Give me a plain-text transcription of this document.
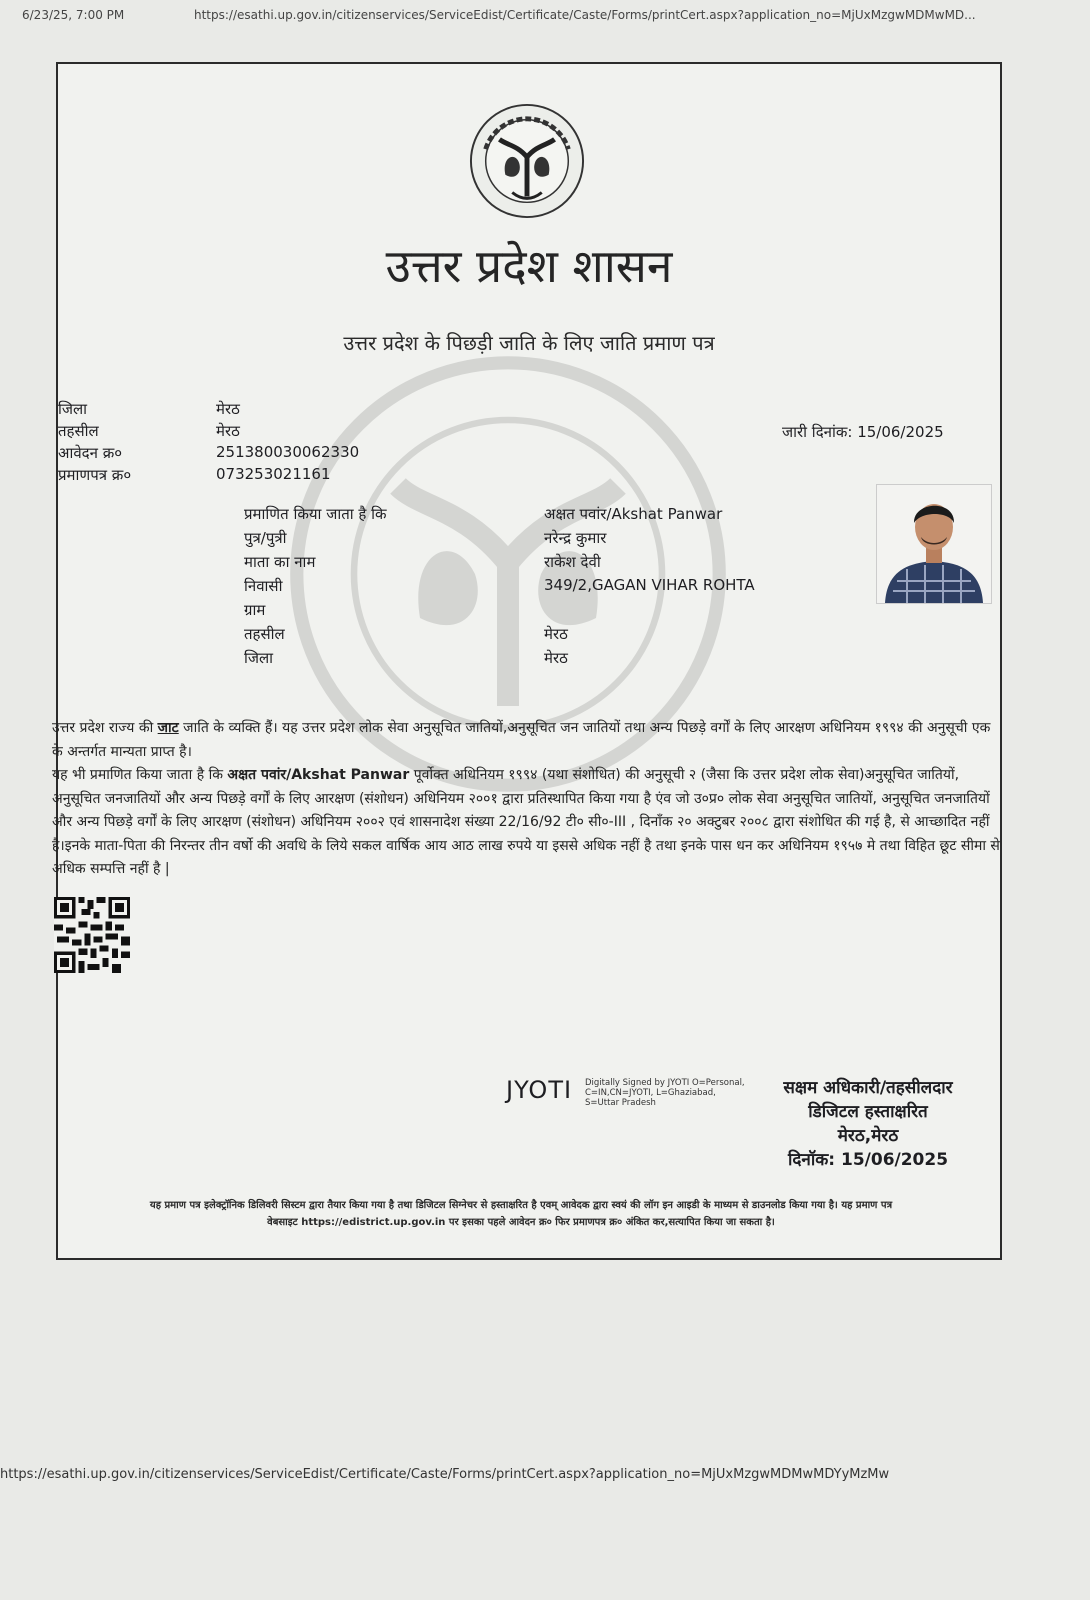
6/23/25, 7:00 PM	https://esathi.up.gov.in/citizenservices/ServiceEdist/Certificate/Caste/Forms/printCert.aspx?application_no=MjUxMzgwMDMwMD...
उत्तर प्रदेश शासन
उत्तर प्रदेश के पिछड़ी जाति के लिए जाति प्रमाण पत्र
जिला	मेरठ
तहसील	मेरठ
आवेदन क्र०	251380030062330
प्रमाणपत्र क्र०	073253021161
जारी दिनांक: 15/06/2025
प्रमाणित किया जाता है कि	अक्षत पवांर/Akshat Panwar
पुत्र/पुत्री	नरेन्द्र कुमार
माता का नाम	राकेश देवी
निवासी	349/2,GAGAN VIHAR ROHTA
ग्राम
तहसील	मेरठ
जिला	मेरठ
उत्तर प्रदेश राज्य की जाट जाति के व्यक्ति हैं। यह उत्तर प्रदेश लोक सेवा अनुसूचित जातियों,अनुसूचित जन जातियों तथा अन्य पिछड़े वर्गों के लिए आरक्षण अधिनियम १९९४ की अनुसूची एक के अन्तर्गत मान्यता प्राप्त है।
यह भी प्रमाणित किया जाता है कि अक्षत पवांर/Akshat Panwar पूर्वोक्त अधिनियम १९९४ (यथा संशोधित) की अनुसूची २ (जैसा कि उत्तर प्रदेश लोक सेवा)अनुसूचित जातियों, अनुसूचित जनजातियों और अन्य पिछड़े वर्गों के लिए आरक्षण (संशोधन) अधिनियम २००१ द्वारा प्रतिस्थापित किया गया है एंव जो उ०प्र० लोक सेवा अनुसूचित जातियों, अनुसूचित जनजातियों और अन्य पिछड़े वर्गों के लिए आरक्षण (संशोधन) अधिनियम २००२ एवं शासनादेश संख्या 22/16/92 टी० सी०-III , दिनाँक २० अक्टुबर २००८ द्वारा संशोधित की गई है, से आच्छादित नहीं है।इनके माता-पिता की निरन्तर तीन वर्षो की अवधि के लिये सकल वार्षिक आय आठ लाख रुपये या इससे अधिक नहीं है तथा इनके पास धन कर अधिनियम १९५७ मे तथा विहित छूट सीमा से अधिक सम्पत्ति नहीं है |
JYOTI Digitally Signed by JYOTI O=Personal, C=IN,CN=JYOTI, L=Ghaziabad, S=Uttar Pradesh
सक्षम अधिकारी/तहसीलदार
डिजिटल हस्ताक्षरित
मेरठ,मेरठ
दिनॉक: 15/06/2025
यह प्रमाण पत्र इलेक्ट्रॉनिक डिलिवरी सिस्टम द्वारा तैयार किया गया है तथा डिजिटल सिग्नेचर से हस्ताक्षरित है एवम् आवेदक द्वारा स्वयं की लॉग इन आइडी के माध्यम से डाउनलोड किया गया है। यह प्रमाण पत्र
वेबसाइट https://edistrict.up.gov.in पर इसका पहले आवेदन क्र० फिर प्रमाणपत्र क्र० अंकित कर,सत्यापित किया जा सकता है।
https://esathi.up.gov.in/citizenservices/ServiceEdist/Certificate/Caste/Forms/printCert.aspx?application_no=MjUxMzgwMDMwMDYyMzMw
